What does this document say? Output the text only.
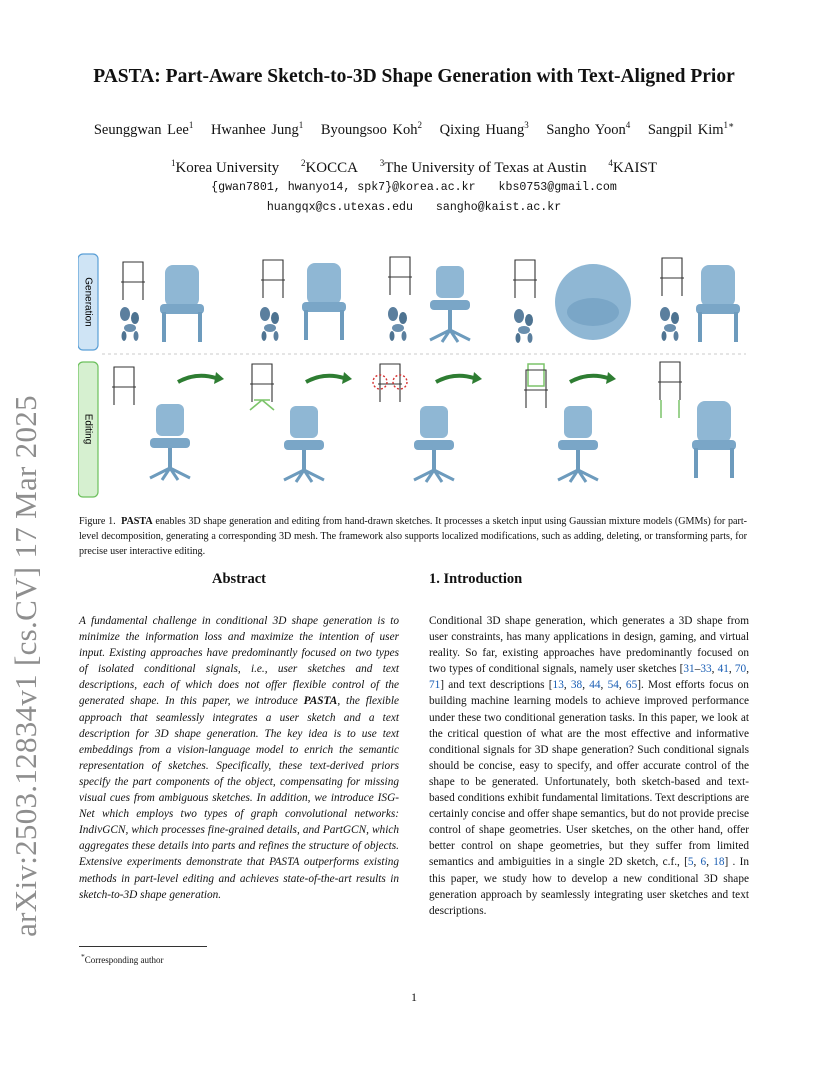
PASTA: Part-Aware Sketch-to-3D Shape Generation with Text-Aligned Prior
Seunggwan Lee$^1$ Hwanhee Jung$^1$ Byoungsoo Koh$^2$ Qixing Huang$^3$ Sangho Yoon$^4$ Sangpil Kim$^{1∗}$
$^1$Korea University $^2$KOCCA $^3$The University of Texas at Austin $^4$KAIST
{gwan7801, hwanyo14, spk7}@korea.ac.kr kbs0753@gmail.com
huangqx@cs.utexas.edu sangho@kaist.ac.kr
arXiv:2503.12834v1 [cs.CV] 17 Mar 2025
Generation
Editing
Figure 1. PASTA enables 3D shape generation and editing from hand-drawn sketches. It processes a sketch input using Gaussian mixture models (GMMs) for part-level decomposition, generating a corresponding 3D mesh. The framework also supports localized modifications, such as adding, deleting, or transforming parts, for precise user interactive editing.
Abstract
A fundamental challenge in conditional 3D shape generation is to minimize the information loss and maximize the intention of user input. Existing approaches have predominantly focused on two types of isolated conditional signals, i.e., user sketches and text descriptions, each of which does not offer flexible control of the generated shape. In this paper, we introduce PASTA, the flexible approach that seamlessly integrates a user sketch and a text description for 3D shape generation. The key idea is to use text embeddings from a vision-language model to enrich the semantic representation of sketches. Specifically, these text-derived priors specify the part components of the object, compensating for missing visual cues from ambiguous sketches. In addition, we introduce ISG-Net which employs two types of graph convolutional networks: IndivGCN, which processes fine-grained details, and PartGCN, which aggregates these details into parts and refines the structure of objects. Extensive experiments demonstrate that PASTA outperforms existing methods in part-level editing and achieves state-of-the-art results in sketch-to-3D shape generation.
1. Introduction
Conditional 3D shape generation, which generates a 3D shape from user constraints, has many applications in design, gaming, and virtual reality. So far, existing approaches have predominantly focused on two types of conditional signals, namely user sketches [31–33, 41, 70, 71] and text descriptions [13, 38, 44, 54, 65]. Most efforts focus on building machine learning models to achieve improved performance under these two conditional generation tasks. In this paper, we look at the critical question of what are the most effective and informative conditional signals for 3D shape generation? Such conditional signals should be concise, easy to specify, and offer accurate control of the shape to be generated. Unfortunately, both sketch-based and text-based conditions exhibit fundamental limitations. Text descriptions are certainly concise and offer shape semantics, but do not provide precise control of shape geometries. User sketches, on the other hand, offer better control on shape geometries, but they suffer from limited semantics and ambiguities in a single 2D sketch, c.f., [5, 6, 18] . In this paper, we study how to develop a new conditional 3D shape generation approach by seamlessly integrating user sketches and text descriptions.
*Corresponding author
1
